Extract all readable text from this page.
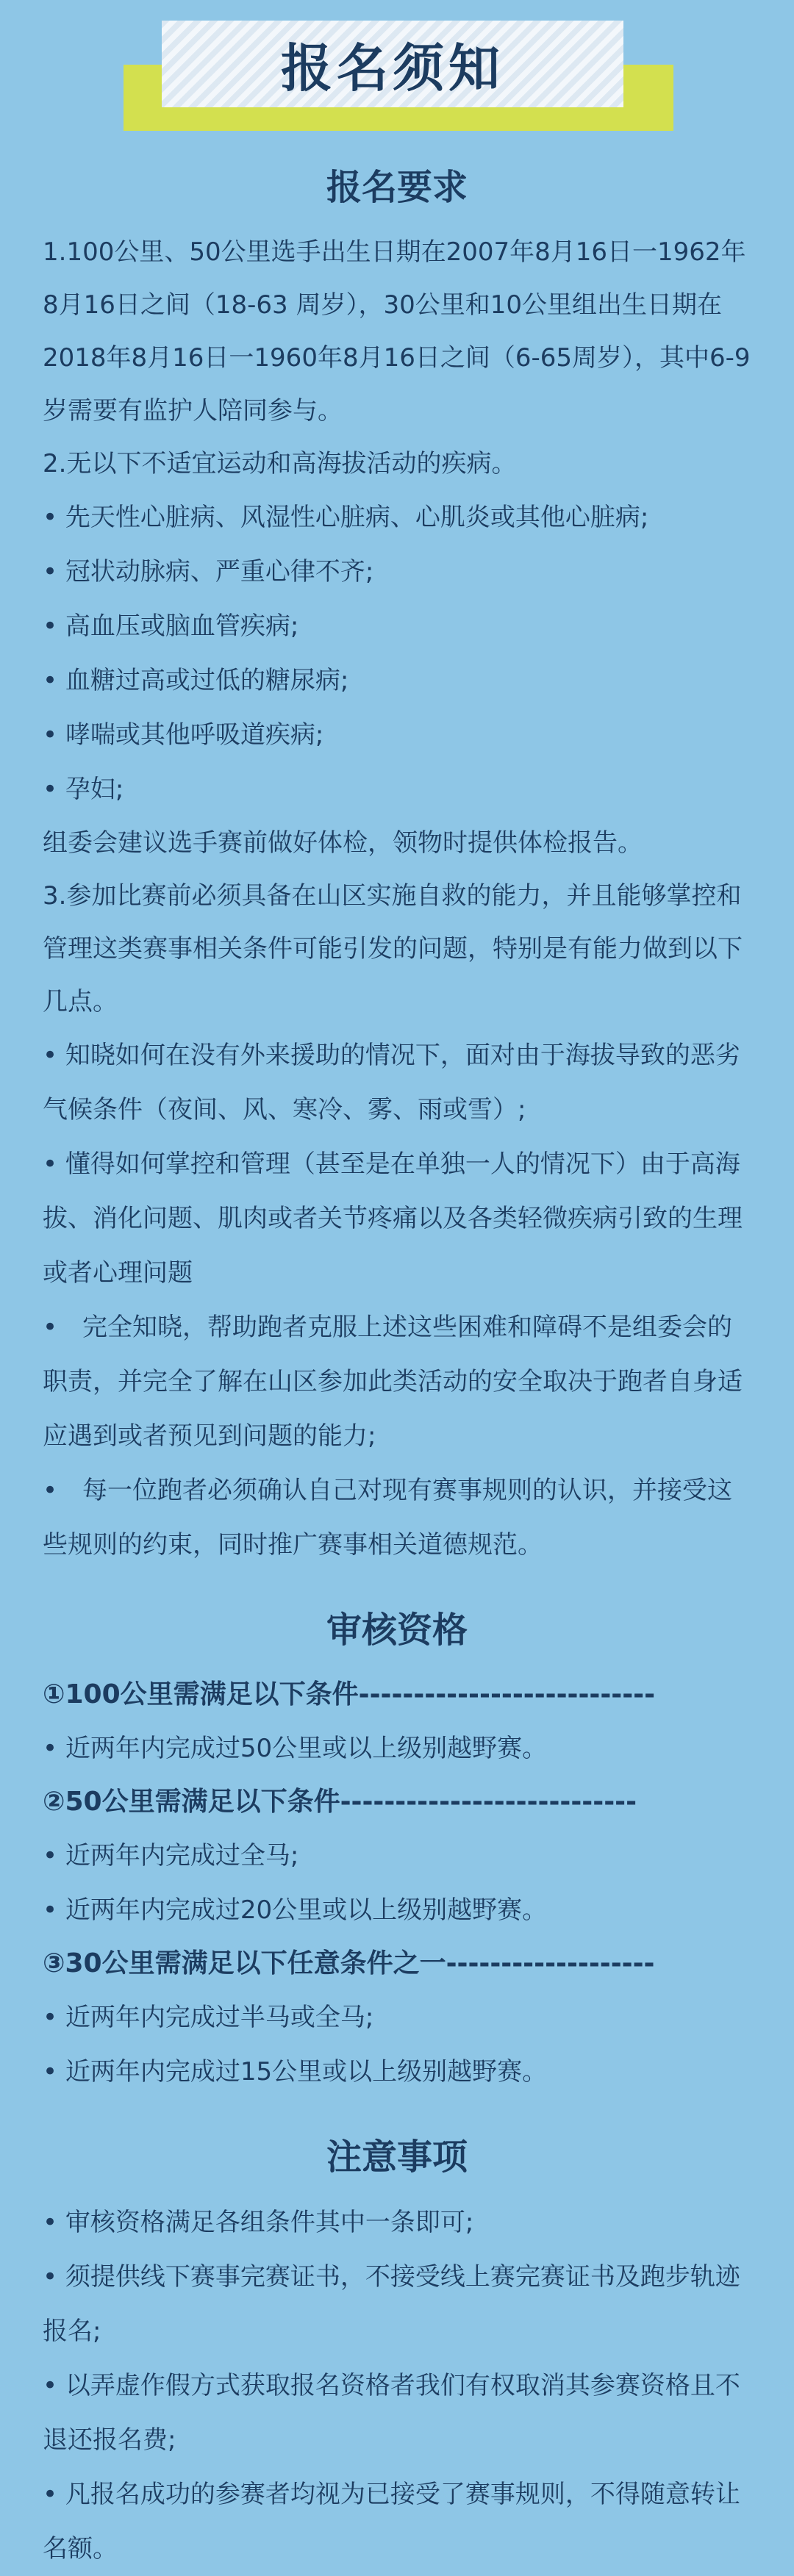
报名须知
报名要求

1.100公里、50公里选手出生日期在2007年8月16日一1962年8月16日之间（18-63 周岁），30公里和10公里组出生日期在2018年8月16日一1960年8月16日之间（6-65周岁），其中6-9岁需要有监护人陪同参与。

2.无以下不适宜运动和高海拔活动的疾病。

• 先天性心脏病、风湿性心脏病、心肌炎或其他心脏病;

• 冠状动脉病、严重心律不齐;

• 高血压或脑血管疾病;

• 血糖过高或过低的糖尿病;

• 哮喘或其他呼吸道疾病;

• 孕妇;

组委会建议选手赛前做好体检，领物时提供体检报告。

3.参加比赛前必须具备在山区实施自救的能力，并且能够掌控和管理这类赛事相关条件可能引发的问题，特别是有能力做到以下几点。

• 知晓如何在没有外来援助的情况下，面对由于海拔导致的恶劣气候条件（夜间、风、寒冷、雾、雨或雪）;

• 懂得如何掌控和管理（甚至是在单独一人的情况下）由于高海拔、消化问题、肌肉或者关节疼痛以及各类轻微疾病引致的生理或者心理问题

•　完全知晓，帮助跑者克服上述这些困难和障碍不是组委会的职责，并完全了解在山区参加此类活动的安全取决于跑者自身适应遇到或者预见到问题的能力;

•　每一位跑者必须确认自己对现有赛事规则的认识，并接受这些规则的约束，同时推广赛事相关道德规范。

审核资格

①100公里需满足以下条件---------------------------

• 近两年内完成过50公里或以上级别越野赛。

②50公里需满足以下条件---------------------------

• 近两年内完成过全马;

• 近两年内完成过20公里或以上级别越野赛。

③30公里需满足以下任意条件之一-------------------

• 近两年内完成过半马或全马;

• 近两年内完成过15公里或以上级别越野赛。

注意事项

• 审核资格满足各组条件其中一条即可;

• 须提供线下赛事完赛证书，不接受线上赛完赛证书及跑步轨迹报名;

• 以弄虚作假方式获取报名资格者我们有权取消其参赛资格且不退还报名费;

• 凡报名成功的参赛者均视为已接受了赛事规则，不得随意转让名额。
